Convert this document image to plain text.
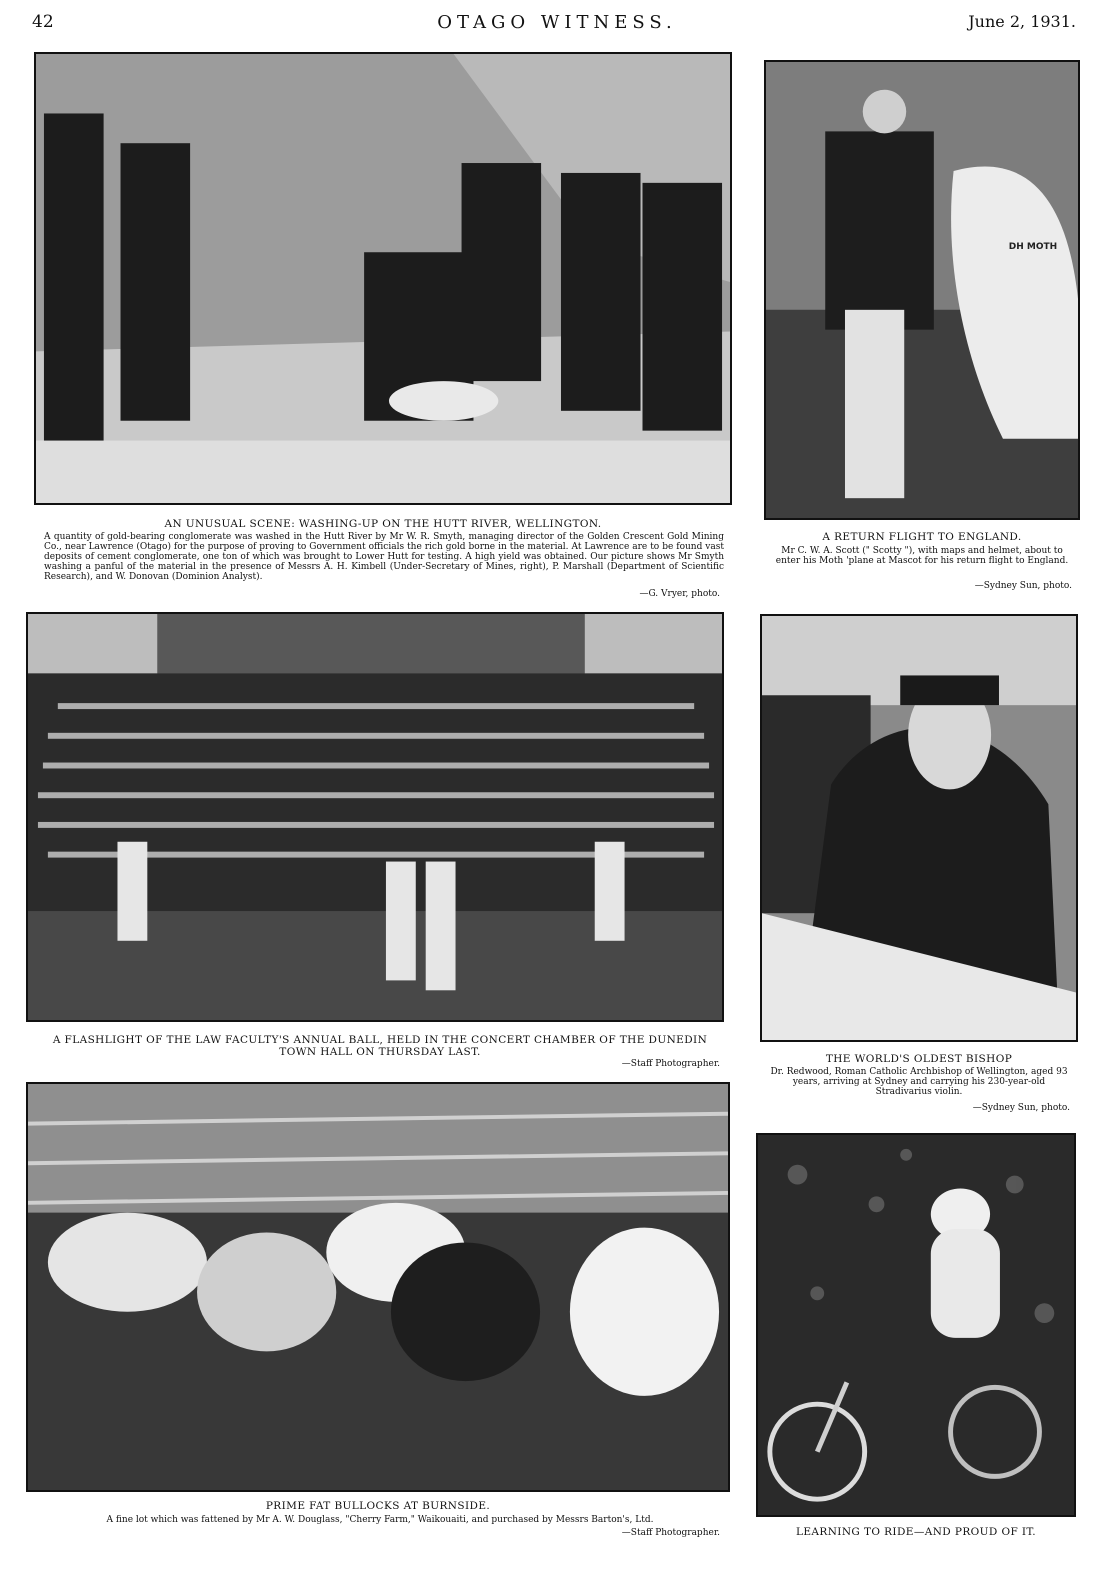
42	OTAGO WITNESS.	June 2, 1931.
AN UNUSUAL SCENE: WASHING-UP ON THE HUTT RIVER, WELLINGTON.
A quantity of gold-bearing conglomerate was washed in the Hutt River by Mr W. R. Smyth, managing director of the Golden Crescent Gold Mining Co., near Lawrence (Otago) for the purpose of proving to Government officials the rich gold borne in the material. At Lawrence are to be found vast deposits of cement conglomerate, one ton of which was brought to Lower Hutt for testing. A high yield was obtained. Our picture shows Mr Smyth washing a panful of the material in the presence of Messrs A. H. Kimbell (Under-Secretary of Mines, right), P. Marshall (Department of Scientific Research), and W. Donovan (Dominion Analyst).
—G. Vryer, photo.
DH MOTH
A RETURN FLIGHT TO ENGLAND.
Mr C. W. A. Scott (" Scotty "), with maps and helmet, about to enter his Moth 'plane at Mascot for his return flight to England.
—Sydney Sun, photo.
A FLASHLIGHT OF THE LAW FACULTY'S ANNUAL BALL, HELD IN THE CONCERT CHAMBER OF THE DUNEDIN TOWN HALL ON THURSDAY LAST.
—Staff Photographer.	THE WORLD'S OLDEST BISHOP
Dr. Redwood, Roman Catholic Archbishop of Wellington, aged 93 years, arriving at Sydney and carrying his 230-year-old Stradivarius violin.
—Sydney Sun, photo.
PRIME FAT BULLOCKS AT BURNSIDE.
A fine lot which was fattened by Mr A. W. Douglass, "Cherry Farm," Waikouaiti, and purchased by Messrs Barton's, Ltd.
—Staff Photographer.	LEARNING TO RIDE—AND PROUD OF IT.
